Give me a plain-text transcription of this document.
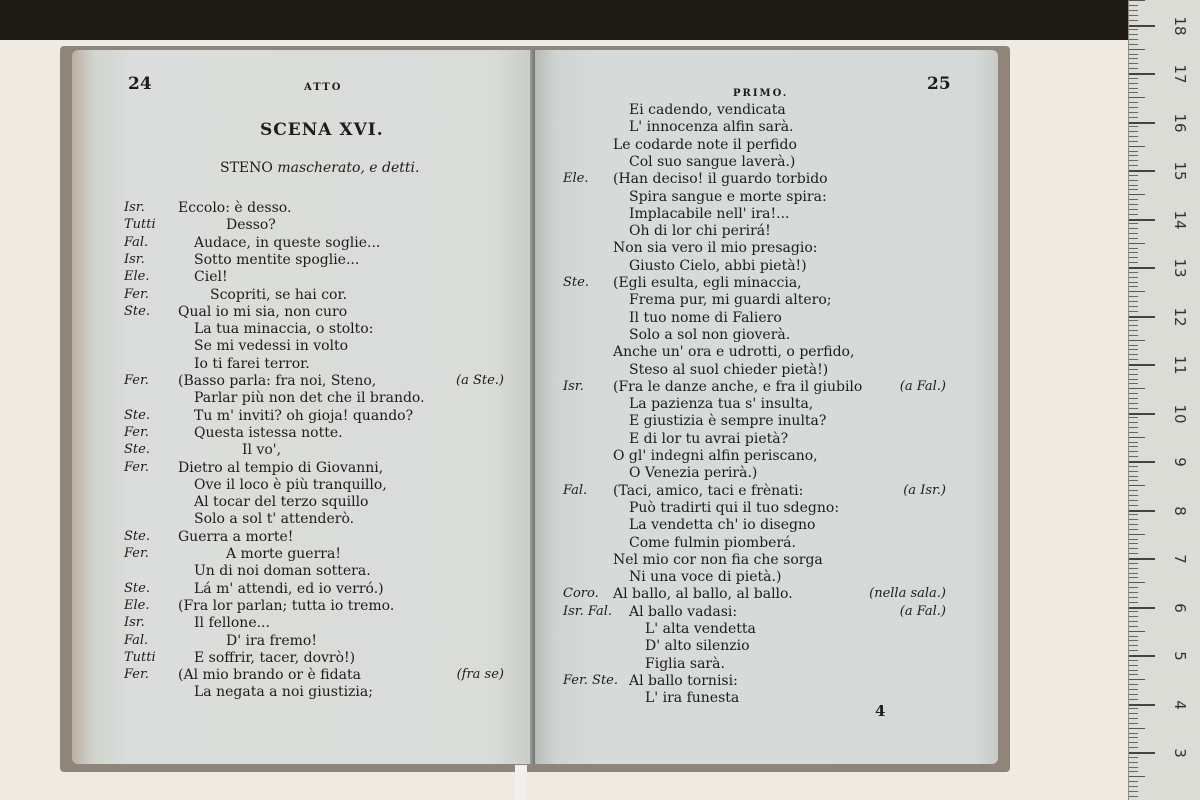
3
4
5
6
7
8
9
10
11
12
13
14
15
16
17
18
24	ATTO
SCENA XVI.
STENO mascherato, e detti.
Isr. Eccolo: è desso.
Tutti	Desso?
Fal.	Audace, in queste soglie...
Isr.	Sotto mentite spoglie...
Ele.	Ciel!
Fer.	Scopriti, se hai cor.
Ste. Qual io mi sia, non curo
La tua minaccia, o stolto:
Se mi vedessi in volto
Io ti farei terror.
Fer. (Basso parla: fra noi, Steno,	(a Ste.)
Parlar più non det che il brando.
Ste.	Tu m' inviti? oh gioja! quando?
Fer.	Questa istessa notte.
Ste.	Il vo',
Fer. Dietro al tempio di Giovanni,
Ove il loco è più tranquillo,
Al tocar del terzo squillo
Solo a sol t' attenderò.
Ste. Guerra a morte!
Fer.	A morte guerra!
Un di noi doman sottera.
Ste.	Lá m' attendi, ed io verró.)
Ele. (Fra lor parlan; tutta io tremo.
Isr.	Il fellone...
Fal.	D' ira fremo!
Tutti	E soffrir, tacer, dovrò!)
Fer. (Al mio brando or è fidata	(fra se)
La negata a noi giustizia;
PRIMO.	25
Ei cadendo, vendicata
L' innocenza alfin sarà.
Le codarde note il perfido
Col suo sangue laverà.)
Ele. (Han deciso! il guardo torbido
Spira sangue e morte spira:
Implacabile nell' ira!...
Oh di lor chi perirá!
Non sia vero il mio presagio:
Giusto Cielo, abbi pietà!)
Ste. (Egli esulta, egli minaccia,
Frema pur, mi guardi altero;
Il tuo nome di Faliero
Solo a sol non gioverà.
Anche un' ora e udrotti, o perfido,
Steso al suol chieder pietà!)
Isr. (Fra le danze anche, e fra il giubilo	(a Fal.)
La pazienza tua s' insulta,
E giustizia è sempre inulta?
E di lor tu avrai pietà?
O gl' indegni alfin periscano,
O Venezia perirà.)
Fal. (Taci, amico, taci e frènati:	(a Isr.)
Può tradirti qui il tuo sdegno:
La vendetta ch' io disegno
Come fulmin piomberá.
Nel mio cor non fia che sorga
Ni una voce di pietà.)
Coro. Al ballo, al ballo, al ballo.	(nella sala.)
Isr. Fal. Al ballo vadasi:	(a Fal.)
L' alta vendetta
D' alto silenzio
Figlia sarà.
Fer. Ste. Al ballo tornisi:
L' ira funesta
4
